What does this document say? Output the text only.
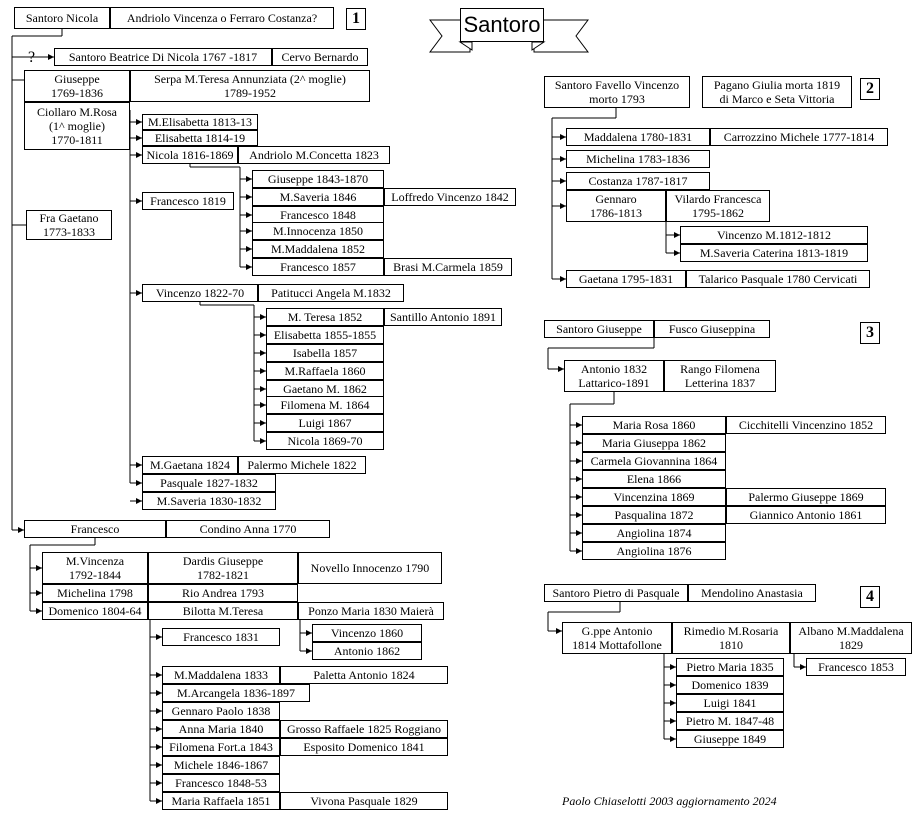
Santoro
1
2
3
4
?
Paolo Chiaselotti 2003 aggiornamento 2024
Santoro Nicola Andriolo Vincenza o Ferraro Costanza?
Santoro Beatrice Di Nicola 1767 -1817 Cervo Bernardo
Giuseppe
1769-1836
Serpa M.Teresa Annunziata (2^ moglie)
1789-1952
Ciollaro M.Rosa
(1^ moglie)
1770-1811
M.Elisabetta 1813-13
Elisabetta 1814-19
Nicola 1816-1869 Andriolo M.Concetta 1823
Fra Gaetano
1773-1833
Francesco 1819
Giuseppe 1843-1870
M.Saveria 1846	Loffredo Vincenzo 1842
Francesco 1848
M.Innocenza 1850
M.Maddalena 1852
Francesco 1857	Brasi M.Carmela 1859
Vincenzo 1822-70 Patitucci Angela M.1832
M. Teresa 1852 Santillo Antonio 1891
Elisabetta 1855-1855
Isabella 1857
M.Raffaela 1860
Gaetano M. 1862
Filomena M. 1864
Luigi 1867
Nicola 1869-70
M.Gaetana 1824 Palermo Michele 1822
Pasquale 1827-1832
M.Saveria 1830-1832
Francesco	Condino Anna 1770
M.Vincenza
1792-1844
Dardis Giuseppe
1782-1821	Novello Innocenzo 1790
Michelina 1798	Rio Andrea 1793
Domenico 1804-64	Bilotta M.Teresa	Ponzo Maria 1830 Maierà
Francesco 1831	Vincenzo 1860
Antonio 1862
M.Maddalena 1833	Paletta Antonio 1824
M.Arcangela 1836-1897
Gennaro Paolo 1838
Anna Maria 1840 Grosso Raffaele 1825 Roggiano
Filomena Fort.a 1843	Esposito Domenico 1841
Michele 1846-1867
Francesco 1848-53
Maria Raffaela 1851	Vivona Pasquale 1829
Santoro Favello Vincenzo
morto 1793
Pagano Giulia morta 1819
di Marco e Seta Vittoria
Maddalena 1780-1831	Carrozzino Michele 1777-1814
Michelina 1783-1836
Costanza 1787-1817
Gennaro
1786-1813
Vilardo Francesca
1795-1862
Vincenzo M.1812-1812
M.Saveria Caterina 1813-1819
Gaetana 1795-1831 Talarico Pasquale 1780 Cervicati
Santoro Giuseppe Fusco Giuseppina
Antonio 1832
Lattarico-1891
Rango Filomena
Letterina 1837
Maria Rosa 1860	Cicchitelli Vincenzino 1852
Maria Giuseppa 1862
Carmela Giovannina 1864
Elena 1866
Vincenzina 1869	Palermo Giuseppe 1869
Pasqualina 1872	Giannico Antonio 1861
Angiolina 1874
Angiolina 1876
Santoro Pietro di Pasquale Mendolino Anastasia
G.ppe Antonio
1814 Mottafollone
Rimedio M.Rosaria
1810
Albano M.Maddalena
1829
Francesco 1853
Pietro Maria 1835
Domenico 1839
Luigi 1841
Pietro M. 1847-48
Giuseppe 1849
